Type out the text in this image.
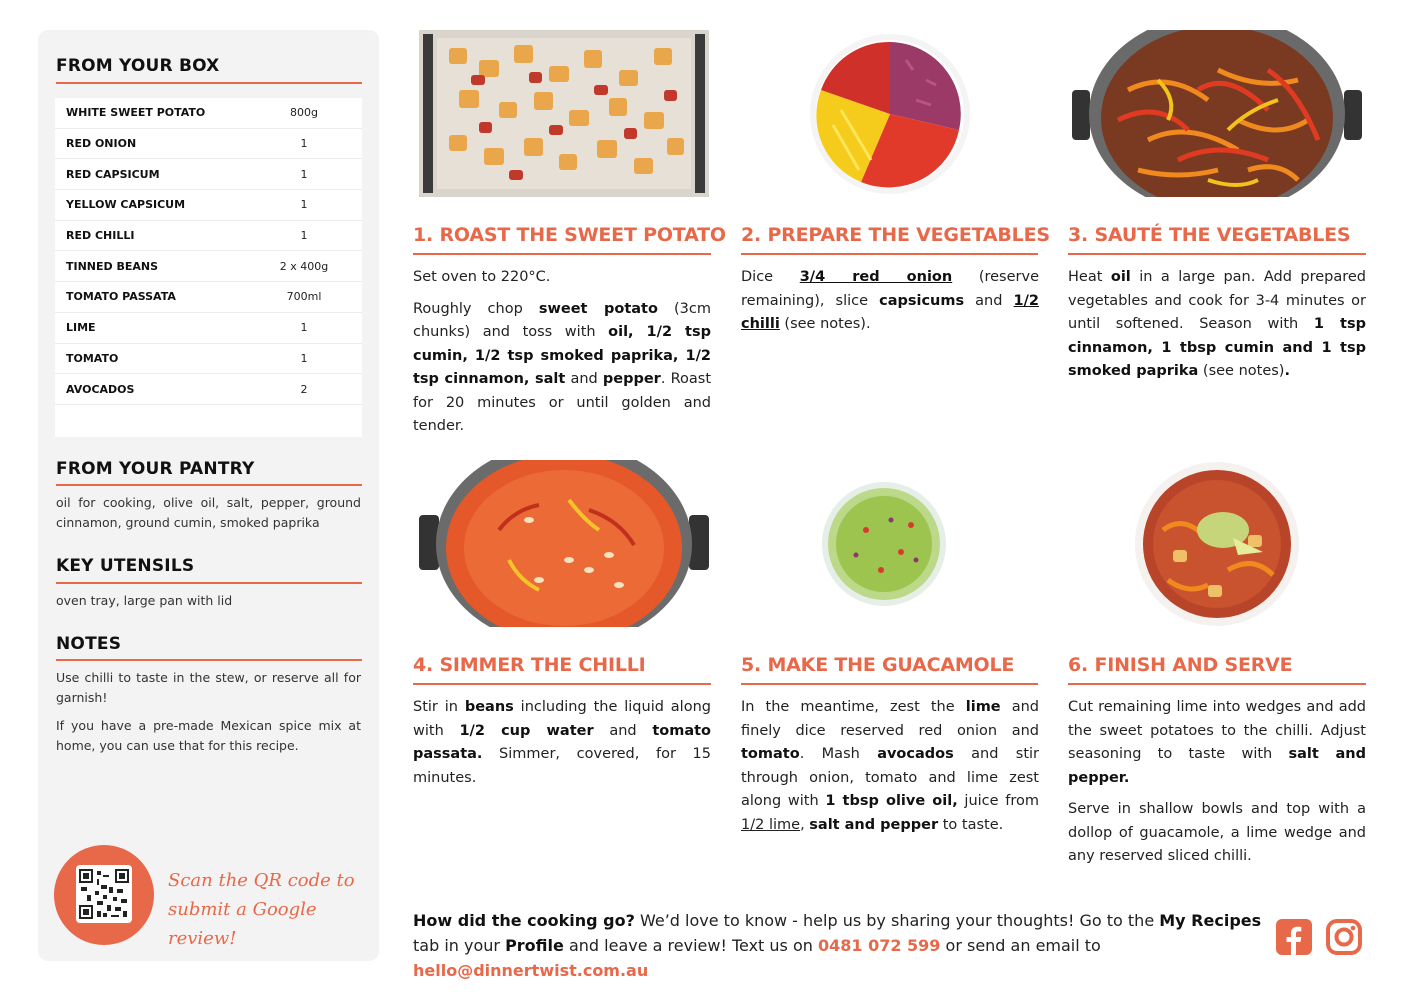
FROM YOUR BOX
WHITE SWEET POTATO	800g
RED ONION	1
RED CAPSICUM	1
YELLOW CAPSICUM	1
RED CHILLI	1
TINNED BEANS	2 x 400g
TOMATO PASSATA	700ml
LIME	1
TOMATO	1
AVOCADOS	2
FROM YOUR PANTRY
oil for cooking, olive oil, salt, pepper, ground cinnamon, ground cumin, smoked paprika
KEY UTENSILS
oven tray, large pan with lid
NOTES

Use chilli to taste in the stew, or reserve all for garnish!

If you have a pre-made Mexican spice mix at home, you can use that for this recipe.

Scan the QR code to submit a Google review!
1. ROAST THE SWEET POTATO

Set oven to 220°C.

Roughly chop sweet potato (3cm chunks) and toss with oil, 1/2 tsp cumin, 1/2 tsp smoked paprika, 1/2 tsp cinnamon, salt and pepper. Roast for 20 minutes or until golden and tender.

2. PREPARE THE VEGETABLES

Dice 3/4 red onion (reserve remaining), slice capsicums and 1/2 chilli (see notes).

3. SAUTÉ THE VEGETABLES

Heat oil in a large pan. Add prepared vegetables and cook for 3-4 minutes or until softened. Season with 1 tsp cinnamon, 1 tbsp cumin and 1 tsp smoked paprika (see notes).

4. SIMMER THE CHILLI

Stir in beans including the liquid along with 1/2 cup water and tomato passata. Simmer, covered, for 15 minutes.

5. MAKE THE GUACAMOLE

In the meantime, zest the lime and finely dice reserved red onion and tomato. Mash avocados and stir through onion, tomato and lime zest along with 1 tbsp olive oil, juice from 1/2 lime, salt and pepper to taste.

6. FINISH AND SERVE

Cut remaining lime into wedges and add the sweet potatoes to the chilli. Adjust seasoning to taste with salt and pepper.

Serve in shallow bowls and top with a dollop of guacamole, a lime wedge and any reserved sliced chilli.

How did the cooking go? We’d love to know - help us by sharing your thoughts! Go to the My Recipes tab in your Profile and leave a review! Text us on 0481 072 599 or send an email to hello@dinnertwist.com.au
